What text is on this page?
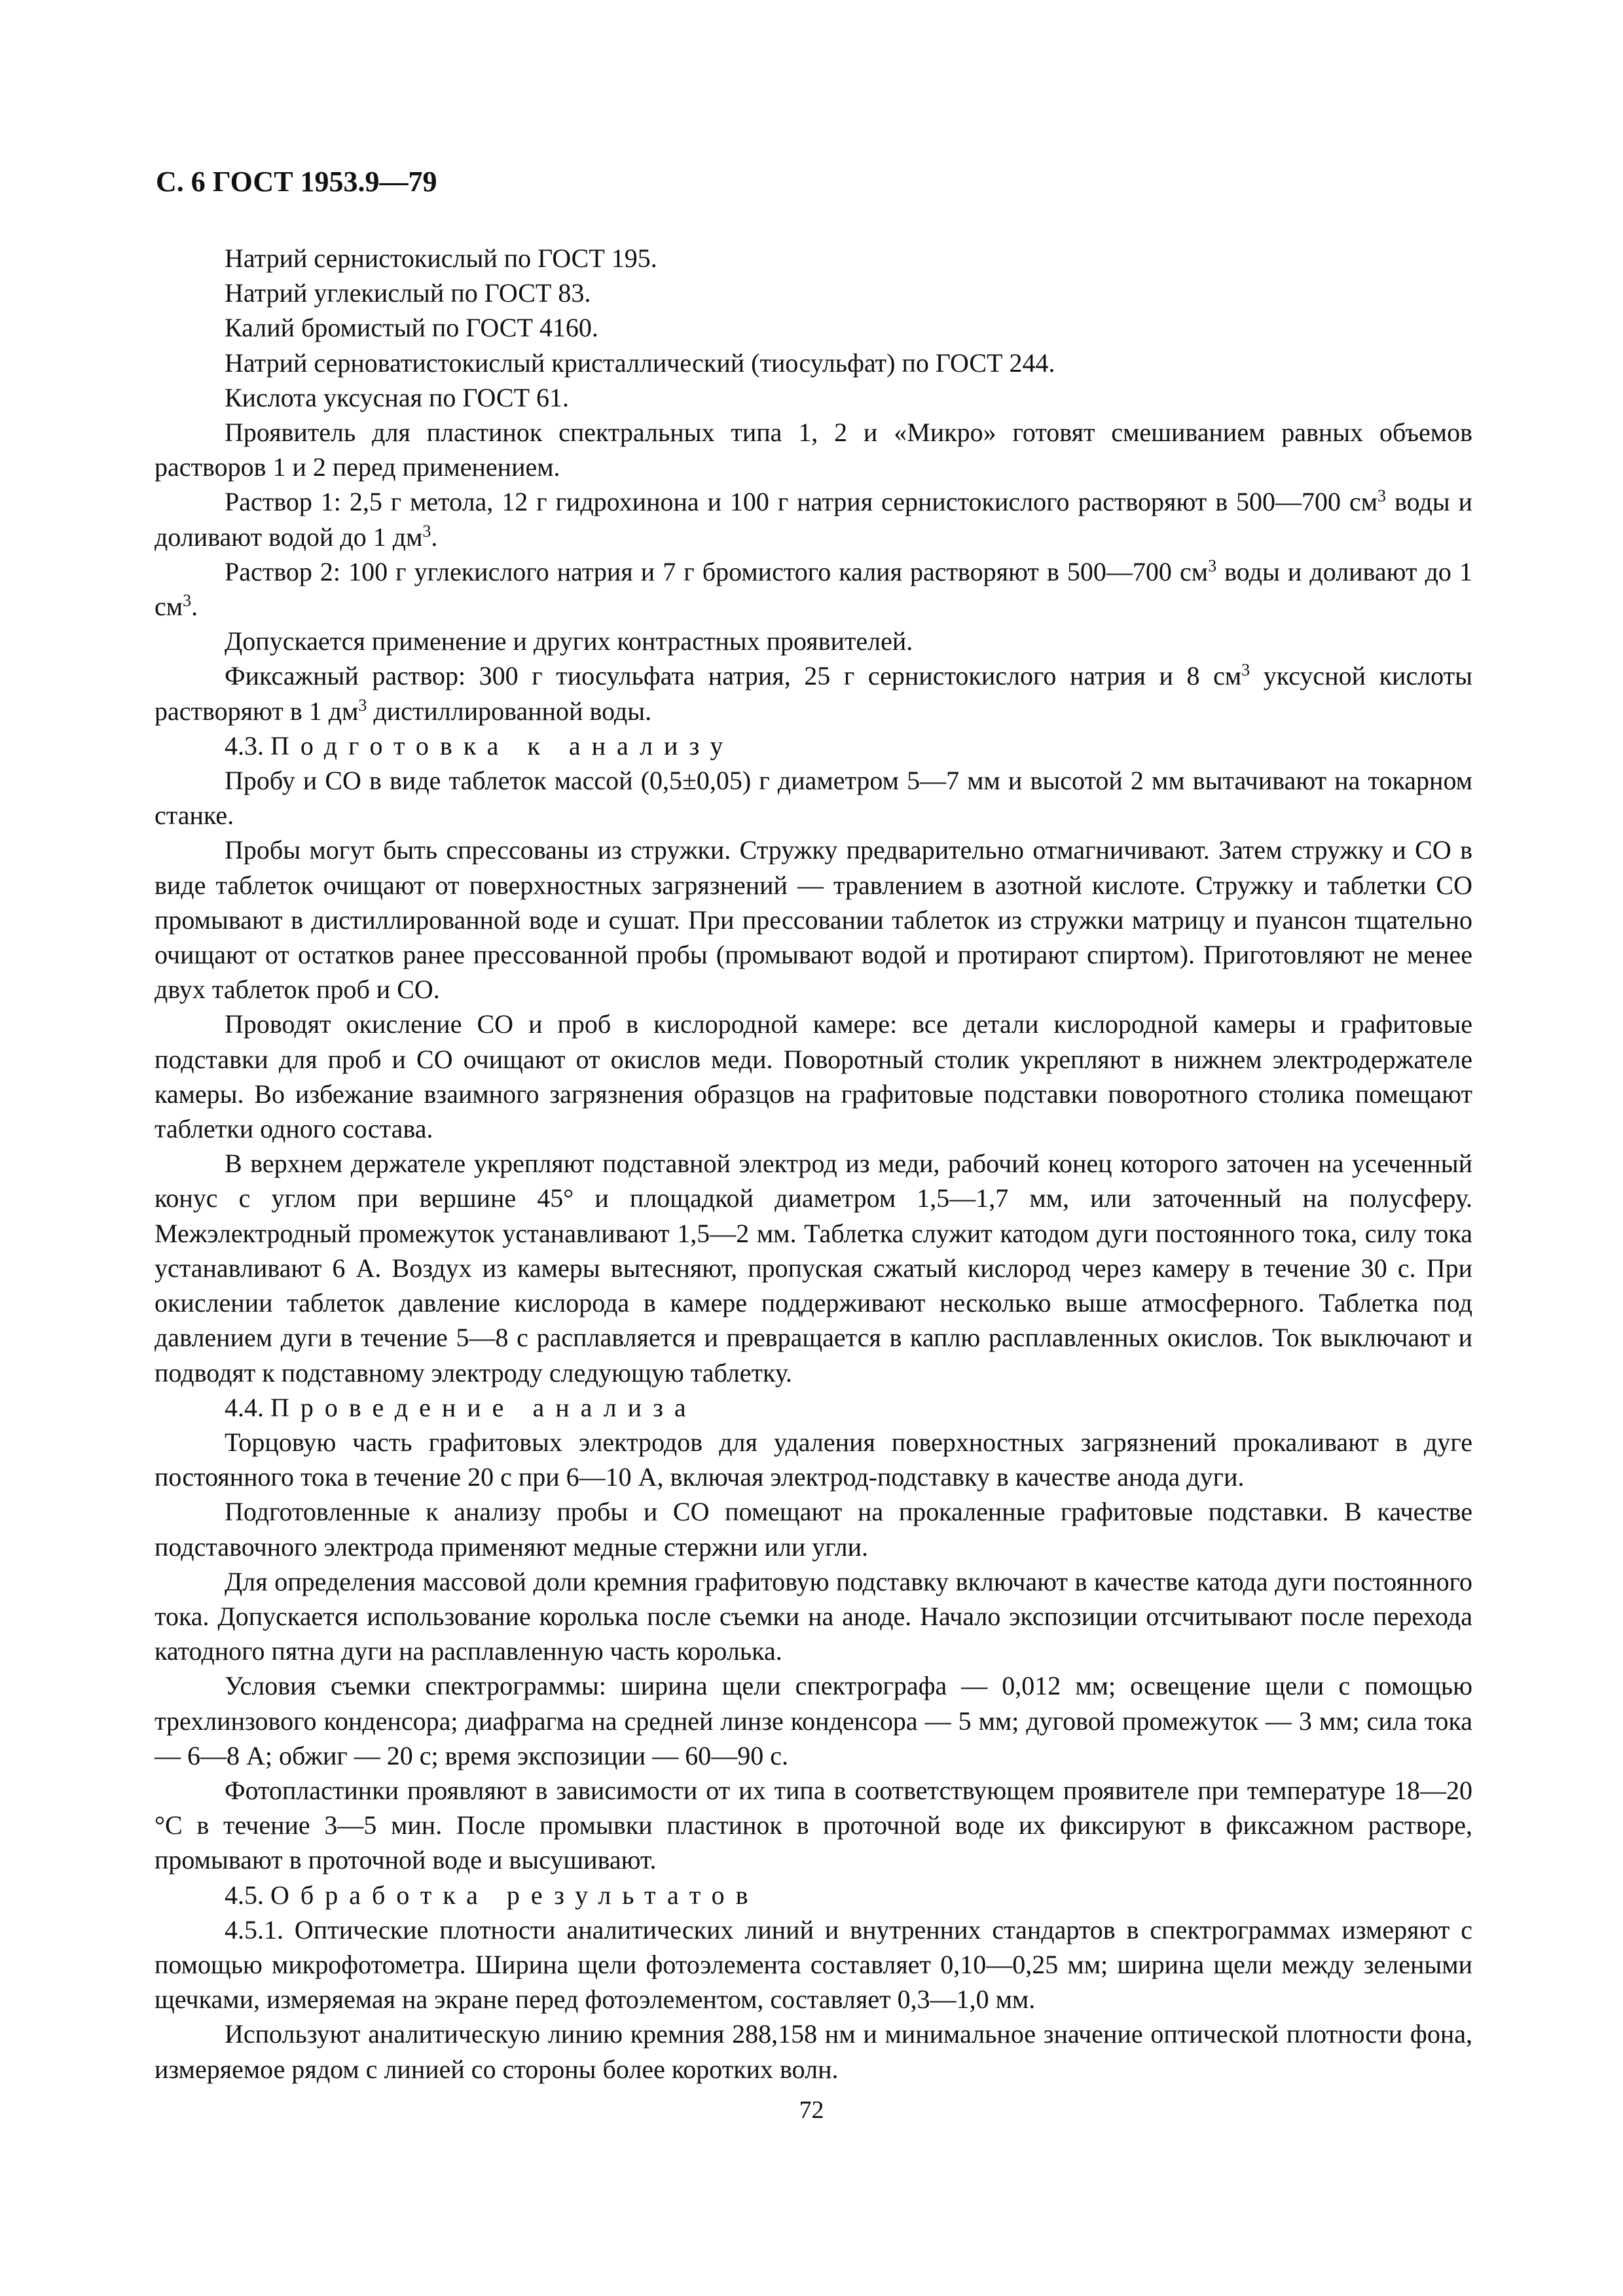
С. 6 ГОСТ 1953.9—79

Натрий сернистокислый по ГОСТ 195.

Натрий углекислый по ГОСТ 83.

Калий бромистый по ГОСТ 4160.

Натрий серноватистокислый кристаллический (тиосульфат) по ГОСТ 244.

Кислота уксусная по ГОСТ 61.

Проявитель для пластинок спектральных типа 1, 2 и «Микро» готовят смешиванием равных объемов растворов 1 и 2 перед применением.

Раствор 1: 2,5 г метола, 12 г гидрохинона и 100 г натрия сернистокислого растворяют в 500—700 $см^3$ воды и доливают водой до 1 $дм^3$.

Раствор 2: 100 г углекислого натрия и 7 г бромистого калия растворяют в 500—700 $см^3$ воды и доливают до 1 $см^3$.

Допускается применение и других контрастных проявителей.

Фиксажный раствор: 300 г тиосульфата натрия, 25 г сернистокислого натрия и 8 $см^3$ уксусной кислоты растворяют в 1 $дм^3$ дистиллированной воды.

4.3. Подготовка к анализу

Пробу и СО в виде таблеток массой (0,5±0,05) г диаметром 5—7 мм и высотой 2 мм вытачивают на токарном станке.

Пробы могут быть спрессованы из стружки. Стружку предварительно отмагничивают. Затем стружку и СО в виде таблеток очищают от поверхностных загрязнений — травлением в азотной кислоте. Стружку и таблетки СО промывают в дистиллированной воде и сушат. При прессовании таблеток из стружки матрицу и пуансон тщательно очищают от остатков ранее прессованной пробы (промывают водой и протирают спиртом). Приготовляют не менее двух таблеток проб и СО.

Проводят окисление СО и проб в кислородной камере: все детали кислородной камеры и графитовые подставки для проб и СО очищают от окислов меди. Поворотный столик укрепляют в нижнем электродержателе камеры. Во избежание взаимного загрязнения образцов на графитовые подставки поворотного столика помещают таблетки одного состава.

В верхнем держателе укрепляют подставной электрод из меди, рабочий конец которого заточен на усеченный конус с углом при вершине 45° и площадкой диаметром 1,5—1,7 мм, или заточенный на полусферу. Межэлектродный промежуток устанавливают 1,5—2 мм. Таблетка служит катодом дуги постоянного тока, силу тока устанавливают 6 А. Воздух из камеры вытесняют, пропуская сжатый кислород через камеру в течение 30 с. При окислении таблеток давление кислорода в камере поддерживают несколько выше атмосферного. Таблетка под давлением дуги в течение 5—8 с расплавляется и превращается в каплю расплавленных окислов. Ток выключают и подводят к подставному электроду следующую таблетку.

4.4. Проведение анализа

Торцовую часть графитовых электродов для удаления поверхностных загрязнений прокаливают в дуге постоянного тока в течение 20 с при 6—10 А, включая электрод-подставку в качестве анода дуги.

Подготовленные к анализу пробы и СО помещают на прокаленные графитовые подставки. В качестве подставочного электрода применяют медные стержни или угли.

Для определения массовой доли кремния графитовую подставку включают в качестве катода дуги постоянного тока. Допускается использование королька после съемки на аноде. Начало экспозиции отсчитывают после перехода катодного пятна дуги на расплавленную часть королька.

Условия съемки спектрограммы: ширина щели спектрографа — 0,012 мм; освещение щели с помощью трехлинзового конденсора; диафрагма на средней линзе конденсора — 5 мм; дуговой промежуток — 3 мм; сила тока — 6—8 А; обжиг — 20 с; время экспозиции — 60—90 с.

Фотопластинки проявляют в зависимости от их типа в соответствующем проявителе при температуре 18—20 °С в течение 3—5 мин. После промывки пластинок в проточной воде их фиксируют в фиксажном растворе, промывают в проточной воде и высушивают.

4.5. Обработка результатов

4.5.1. Оптические плотности аналитических линий и внутренних стандартов в спектрограммах измеряют с помощью микрофотометра. Ширина щели фотоэлемента составляет 0,10—0,25 мм; ширина щели между зелеными щечками, измеряемая на экране перед фотоэлементом, составляет 0,3—1,0 мм.

Используют аналитическую линию кремния 288,158 нм и минимальное значение оптической плотности фона, измеряемое рядом с линией со стороны более коротких волн.

72
